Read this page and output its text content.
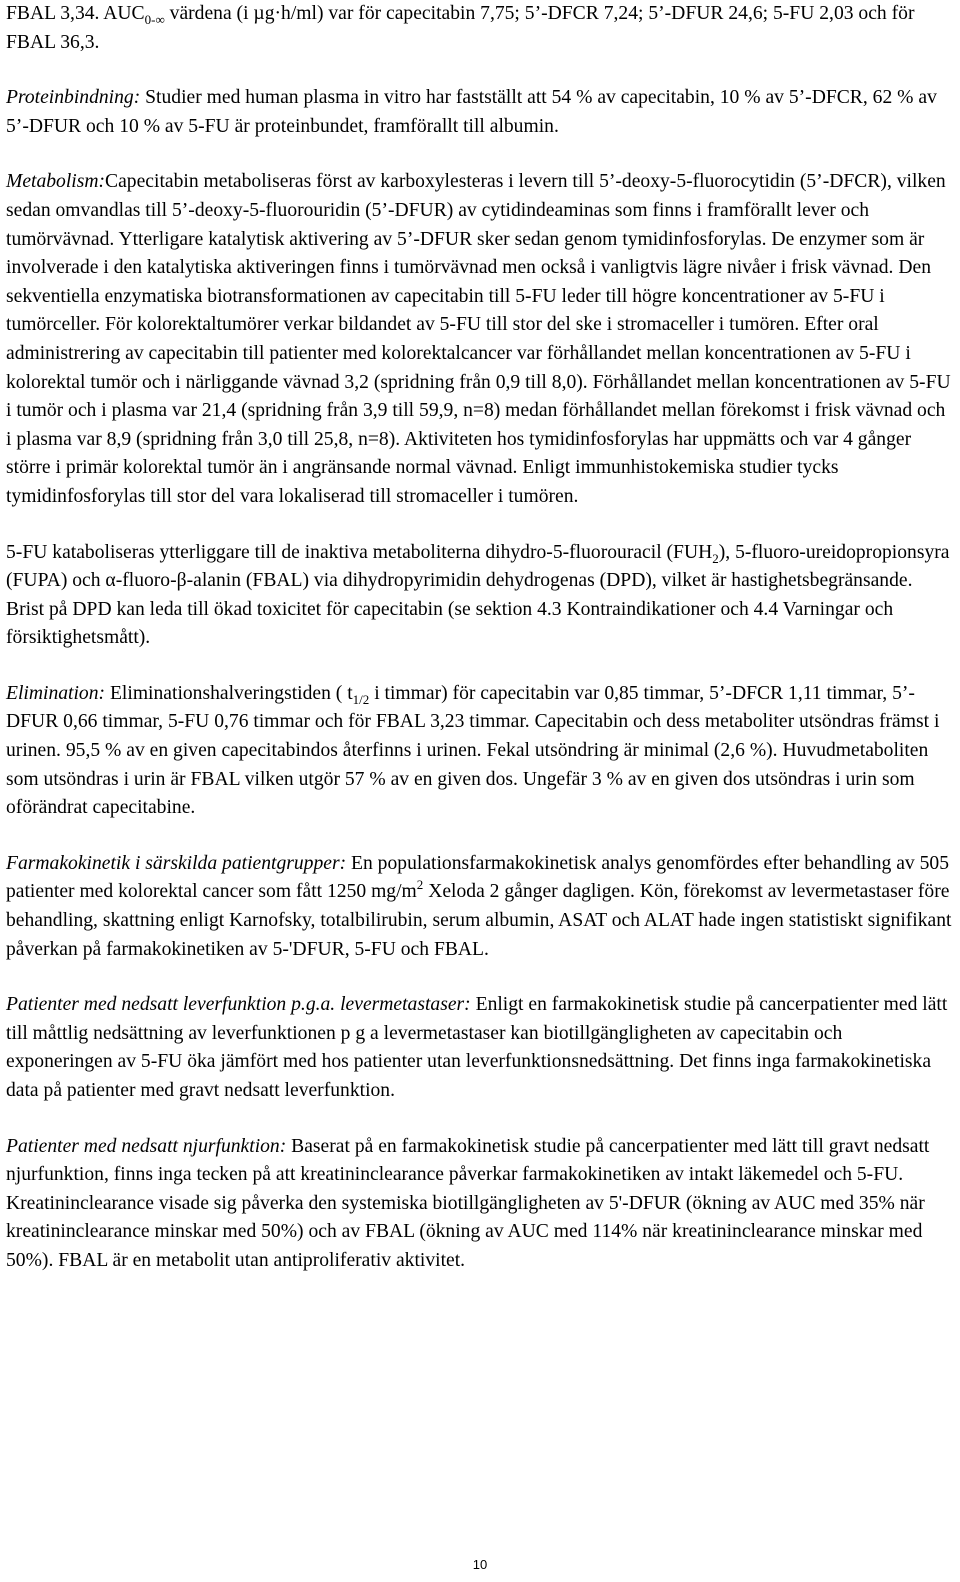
FBAL 3,34. $AUC_{0-\infty}$ värdena (i µg·h/ml) var för capecitabin 7,75; 5’-DFCR 7,24; 5’-DFUR 24,6; 5-FU 2,03 och för FBAL 36,3.

Proteinbindning: Studier med human plasma in vitro har fastställt att 54 % av capecitabin, 10 % av 5’-DFCR, 62 % av 5’-DFUR och 10 % av 5-FU är proteinbundet, framförallt till albumin.

Metabolism:Capecitabin metaboliseras först av karboxylesteras i levern till 5’-deoxy-5-fluorocytidin (5’-DFCR), vilken sedan omvandlas till 5’-deoxy-5-fluorouridin (5’-DFUR) av cytidindeaminas som finns i framförallt lever och tumörvävnad. Ytterligare katalytisk aktivering av 5’-DFUR sker sedan genom tymidinfosforylas. De enzymer som är involverade i den katalytiska aktiveringen finns i tumörvävnad men också i vanligtvis lägre nivåer i frisk vävnad. Den sekventiella enzymatiska biotransformationen av capecitabin till 5-FU leder till högre koncentrationer av 5-FU i tumörceller. För kolorektaltumörer verkar bildandet av 5-FU till stor del ske i stromaceller i tumören. Efter oral administrering av capecitabin till patienter med kolorektalcancer var förhållandet mellan koncentrationen av 5-FU i kolorektal tumör och i närliggande vävnad 3,2 (spridning från 0,9 till 8,0). Förhållandet mellan koncentrationen av 5-FU i tumör och i plasma var 21,4 (spridning från 3,9 till 59,9, n=8) medan förhållandet mellan förekomst i frisk vävnad och i plasma var 8,9 (spridning från 3,0 till 25,8, n=8). Aktiviteten hos tymidinfosforylas har uppmätts och var 4 gånger större i primär kolorektal tumör än i angränsande normal vävnad. Enligt immunhistokemiska studier tycks tymidinfosforylas till stor del vara lokaliserad till stromaceller i tumören.

5-FU kataboliseras ytterliggare till de inaktiva metaboliterna dihydro-5-fluorouracil $(FUH_2)$, 5-fluoro-ureidopropionsyra (FUPA) och α-fluoro-β-alanin (FBAL) via dihydropyrimidin dehydrogenas (DPD), vilket är hastighetsbegränsande. Brist på DPD kan leda till ökad toxicitet för capecitabin (se sektion 4.3 Kontraindikationer och 4.4 Varningar och försiktighetsmått).

Elimination: Eliminationshalveringstiden ( $t_{1/2}$ i timmar) för capecitabin var 0,85 timmar, 5’-DFCR 1,11 timmar, 5’-DFUR 0,66 timmar, 5-FU 0,76 timmar och för FBAL 3,23 timmar. Capecitabin och dess metaboliter utsöndras främst i urinen. 95,5 % av en given capecitabindos återfinns i urinen. Fekal utsöndring är minimal (2,6 %). Huvudmetaboliten som utsöndras i urin är FBAL vilken utgör 57 % av en given dos. Ungefär 3 % av en given dos utsöndras i urin som oförändrat capecitabine.

Farmakokinetik i särskilda patientgrupper: En populationsfarmakokinetisk analys genomfördes efter behandling av 505 patienter med kolorektal cancer som fått 1250 $mg/m^2$ Xeloda 2 gånger dagligen. Kön, förekomst av levermetastaser före behandling, skattning enligt Karnofsky, totalbilirubin, serum albumin, ASAT och ALAT hade ingen statistiskt signifikant påverkan på farmakokinetiken av 5-'DFUR, 5-FU och FBAL.

Patienter med nedsatt leverfunktion p.g.a. levermetastaser: Enligt en farmakokinetisk studie på cancerpatienter med lätt till måttlig nedsättning av leverfunktionen p g a levermetastaser kan biotillgängligheten av capecitabin och exponeringen av 5-FU öka jämfört med hos patienter utan leverfunktionsnedsättning. Det finns inga farmakokinetiska data på patienter med gravt nedsatt leverfunktion.

Patienter med nedsatt njurfunktion: Baserat på en farmakokinetisk studie på cancerpatienter med lätt till gravt nedsatt njurfunktion, finns inga tecken på att kreatininclearance påverkar farmakokinetiken av intakt läkemedel och 5-FU. Kreatininclearance visade sig påverka den systemiska biotillgängligheten av 5'-DFUR (ökning av AUC med 35% när kreatininclearance minskar med 50%) och av FBAL (ökning av AUC med 114% när kreatininclearance minskar med 50%). FBAL är en metabolit utan antiproliferativ aktivitet.

10
